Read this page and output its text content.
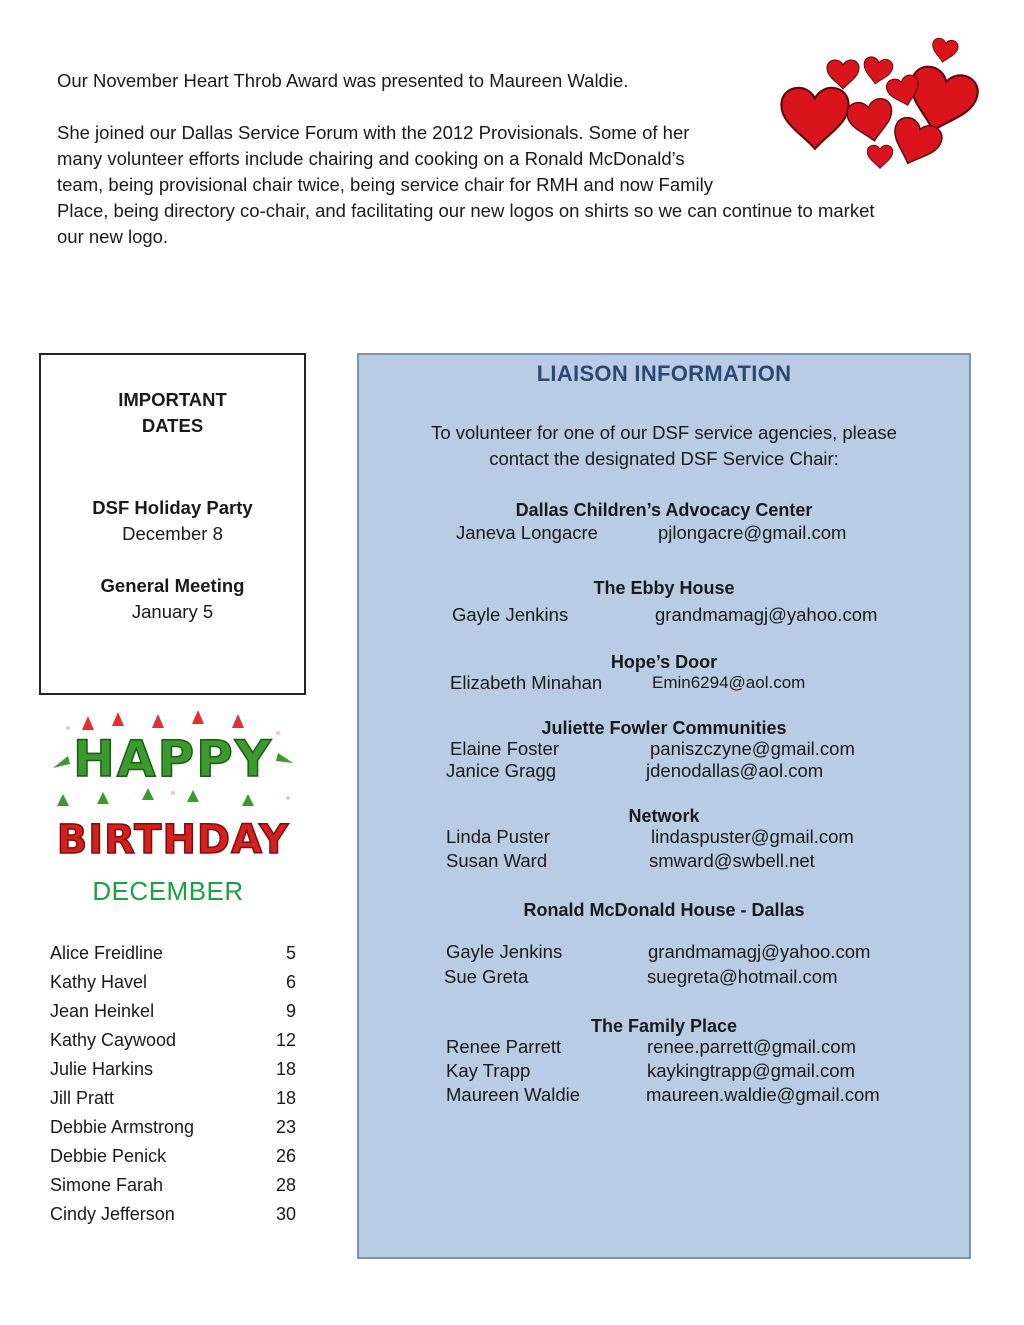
Our November Heart Throb Award was presented to Maureen Waldie.

She joined our Dallas Service Forum with the 2012 Provisionals. Some of her
many volunteer efforts include chairing and cooking on a Ronald McDonald’s
team, being provisional chair twice, being service chair for RMH and now Family
Place, being directory co-chair, and facilitating our new logos on shirts so we can continue to market
our new logo.

IMPORTANT
DATES
DSF Holiday Party
December 8
General Meeting
January 5
HAPPY
BIRTHDAY
DECEMBER
Alice Freidline	5
Kathy Havel	6
Jean Heinkel	9
Kathy Caywood	12
Julie Harkins	18
Jill Pratt	18
Debbie Armstrong	23
Debbie Penick	26
Simone Farah	28
Cindy Jefferson	30
LIAISON INFORMATION
To volunteer for one of our DSF service agencies, please
contact the designated DSF Service Chair:
Dallas Children’s Advocacy Center
Janeva Longacre	pjlongacre@gmail.com
The Ebby House
Gayle Jenkins	grandmamagj@yahoo.com
Hope’s Door
Elizabeth Minahan	Emin6294@aol.com
Juliette Fowler Communities
Elaine Foster	paniszczyne@gmail.com
Janice Gragg	jdenodallas@aol.com
Network
Linda Puster	lindaspuster@gmail.com
Susan Ward	smward@swbell.net
Ronald McDonald House - Dallas
Gayle Jenkins	grandmamagj@yahoo.com
Sue Greta	suegreta@hotmail.com
The Family Place
Renee Parrett	renee.parrett@gmail.com
Kay Trapp	kaykingtrapp@gmail.com
Maureen Waldie	maureen.waldie@gmail.com
